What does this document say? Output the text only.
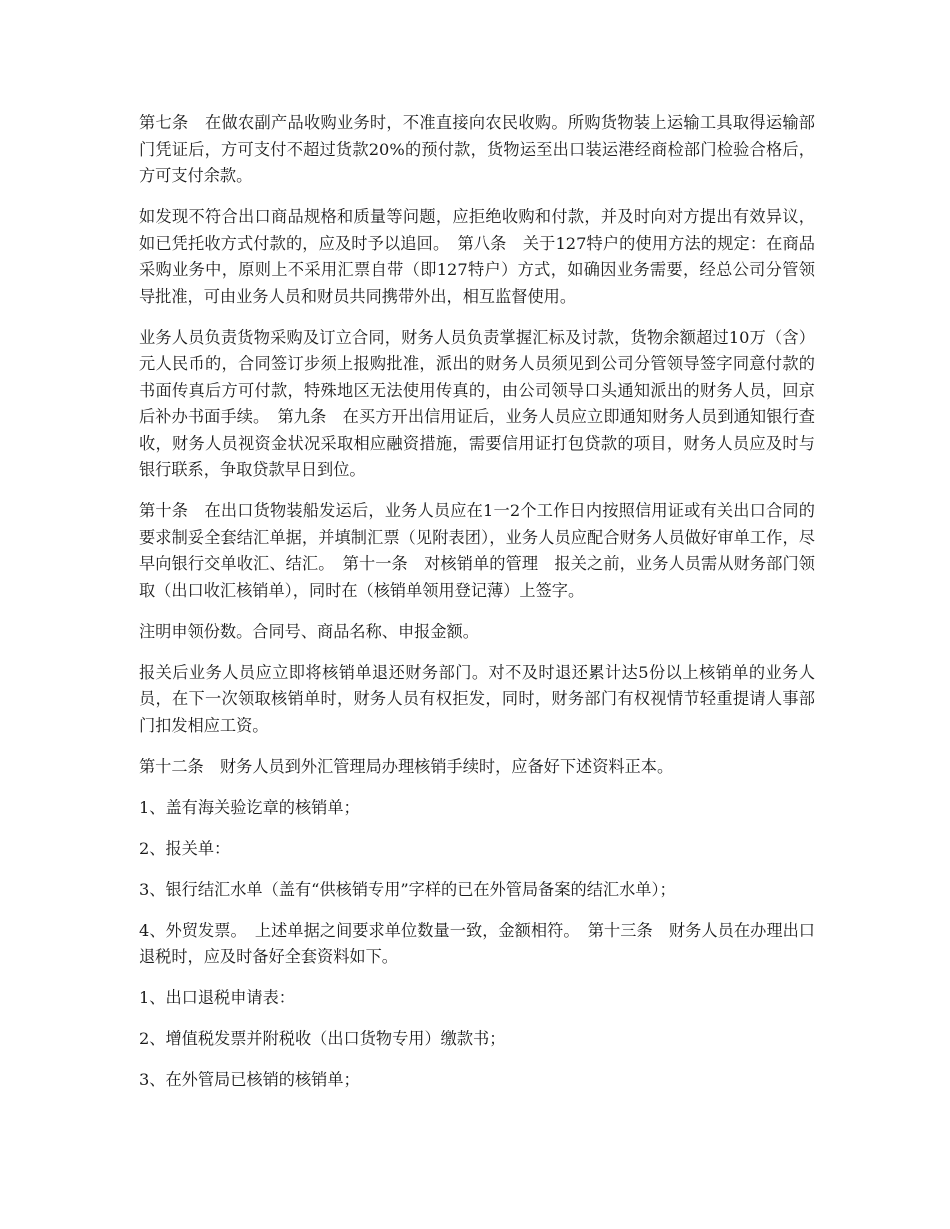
第七条　在做农副产品收购业务时，不准直接向农民收购。所购货物装上运输工具取得运输部门凭证后，方可支付不超过货款20%的预付款，货物运至出口装运港经商检部门检验合格后，方可支付余款。

如发现不符合出口商品规格和质量等问题，应拒绝收购和付款，并及时向对方提出有效异议，如已凭托收方式付款的，应及时予以追回。　第八条　关于127特户的使用方法的规定：在商品采购业务中，原则上不采用汇票自带（即127特户）方式，如确因业务需要，经总公司分管领导批准，可由业务人员和财员共同携带外出，相互监督使用。

业务人员负责货物采购及订立合同，财务人员负责掌握汇标及讨款，货物余额超过10万（含）元人民币的，合同签订步须上报购批准，派出的财务人员须见到公司分管领导签字同意付款的书面传真后方可付款，特殊地区无法使用传真的，由公司领导口头通知派出的财务人员，回京后补办书面手续。　第九条　在买方开出信用证后，业务人员应立即通知财务人员到通知银行查收，财务人员视资金状况采取相应融资措施，需要信用证打包贷款的项目，财务人员应及时与银行联系，争取贷款早日到位。

第十条　在出口货物装船发运后，业务人员应在1一2个工作日内按照信用证或有关出口合同的要求制妥全套结汇单据，并填制汇票（见附表团），业务人员应配合财务人员做好审单工作，尽早向银行交单收汇、结汇。　第十一条　对核销单的管理　报关之前，业务人员需从财务部门领取（出口收汇核销单），同时在（核销单领用登记薄）上签字。

注明申领份数。合同号、商品名称、申报金额。

报关后业务人员应立即将核销单退还财务部门。对不及时退还累计达5份以上核销单的业务人员，在下一次领取核销单时，财务人员有权拒发，同时，财务部门有权视情节轻重提请人事部门扣发相应工资。

第十二条　财务人员到外汇管理局办理核销手续时，应备好下述资料正本。

1、盖有海关验讫章的核销单；

2、报关单：

3、银行结汇水单（盖有“供核销专用”字样的已在外管局备案的结汇水单）；

4、外贸发票。　上述单据之间要求单位数量一致，金额相符。　第十三条　财务人员在办理出口退税时，应及时备好全套资料如下。

1、出口退税申请表：

2、增值税发票并附税收（出口货物专用）缴款书；

3、在外管局已核销的核销单；
